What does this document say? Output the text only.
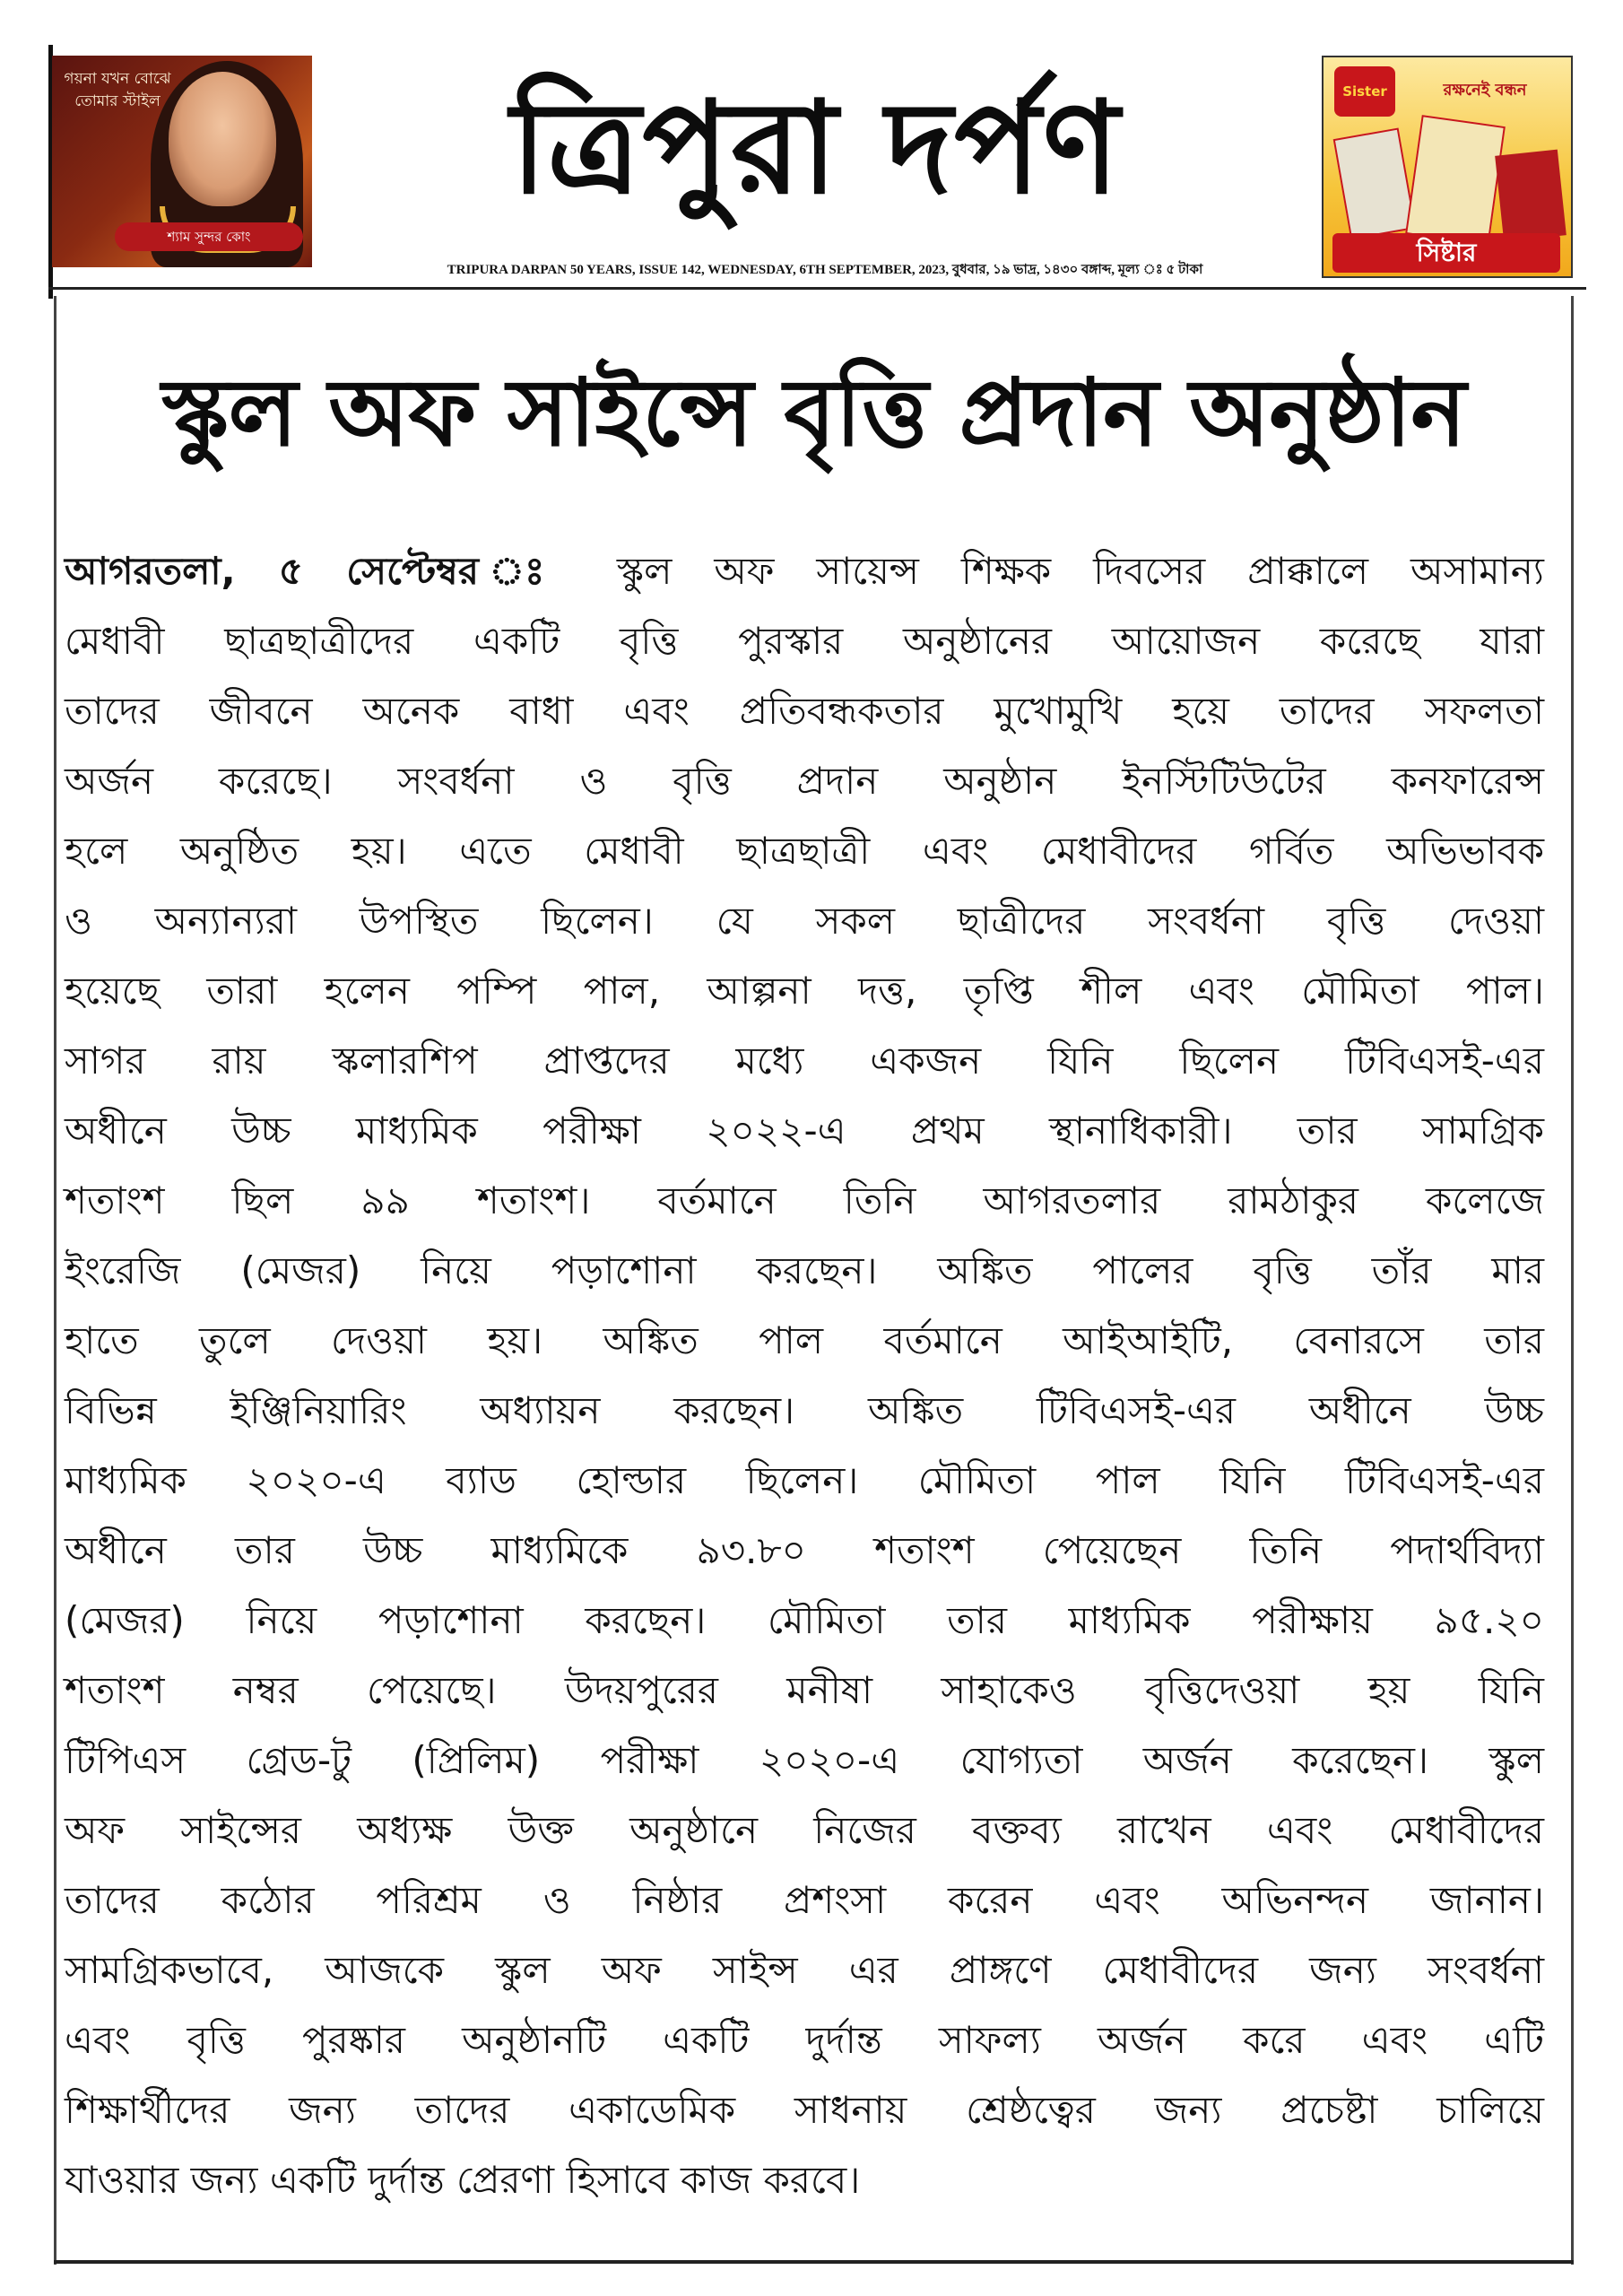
গয়না যখন বোঝে তোমার স্টাইল
শ্যাম সুন্দর কোং
ত্রিপুরা দর্পণ
TRIPURA DARPAN 50 YEARS, ISSUE 142, WEDNESDAY, 6TH SEPTEMBER, 2023, বুধবার, ১৯ ভাদ্র, ১৪৩০ বঙ্গাব্দ, মূল্য ঃ ৫ টাকা
Sister	রক্ষনেই বন্ধন
সিষ্টার
স্কুল অফ সাইন্সে বৃত্তি প্রদান অনুষ্ঠান
আগরতলা, ৫ সেপ্টেম্বর ঃ স্কুল অফ সায়েন্স শিক্ষক দিবসের প্রাক্কালে অসামান্য
মেধাবী ছাত্রছাত্রীদের একটি বৃত্তি পুরস্কার অনুষ্ঠানের আয়োজন করেছে যারা
তাদের জীবনে অনেক বাধা এবং প্রতিবন্ধকতার মুখোমুখি হয়ে তাদের সফলতা
অর্জন করেছে। সংবর্ধনা ও বৃত্তি প্রদান অনুষ্ঠান ইনস্টিটিউটের কনফারেন্স
হলে অনুষ্ঠিত হয়। এতে মেধাবী ছাত্রছাত্রী এবং মেধাবীদের গর্বিত অভিভাবক
ও অন্যান্যরা উপস্থিত ছিলেন। যে সকল ছাত্রীদের সংবর্ধনা বৃত্তি দেওয়া
হয়েছে তারা হলেন পম্পি পাল, আল্পনা দত্ত, তৃপ্তি শীল এবং মৌমিতা পাল।
সাগর রায় স্কলারশিপ প্রাপ্তদের মধ্যে একজন যিনি ছিলেন টিবিএসই-এর
অধীনে উচ্চ মাধ্যমিক পরীক্ষা ২০২২-এ প্রথম স্থানাধিকারী। তার সামগ্রিক
শতাংশ ছিল ৯৯ শতাংশ। বর্তমানে তিনি আগরতলার রামঠাকুর কলেজে
ইংরেজি (মেজর) নিয়ে পড়াশোনা করছেন। অঙ্কিত পালের বৃত্তি তাঁর মার
হাতে তুলে দেওয়া হয়। অঙ্কিত পাল বর্তমানে আইআইটি, বেনারসে তার
বিভিন্ন ইঞ্জিনিয়ারিং অধ্যায়ন করছেন। অঙ্কিত টিবিএসই-এর অধীনে উচ্চ
মাধ্যমিক ২০২০-এ ব্যাড হোল্ডার ছিলেন। মৌমিতা পাল যিনি টিবিএসই-এর
অধীনে তার উচ্চ মাধ্যমিকে ৯৩.৮০ শতাংশ পেয়েছেন তিনি পদার্থবিদ্যা
(মেজর) নিয়ে পড়াশোনা করছেন। মৌমিতা তার মাধ্যমিক পরীক্ষায় ৯৫.২০
শতাংশ নম্বর পেয়েছে। উদয়পুরের মনীষা সাহাকেও বৃত্তিদেওয়া হয় যিনি
টিপিএস গ্রেড-টু (প্রিলিম) পরীক্ষা ২০২০-এ যোগ্যতা অর্জন করেছেন। স্কুল
অফ সাইন্সের অধ্যক্ষ উক্ত অনুষ্ঠানে নিজের বক্তব্য রাখেন এবং মেধাবীদের
তাদের কঠোর পরিশ্রম ও নিষ্ঠার প্রশংসা করেন এবং অভিনন্দন জানান।
সামগ্রিকভাবে, আজকে স্কুল অফ সাইন্স এর প্রাঙ্গণে মেধাবীদের জন্য সংবর্ধনা
এবং বৃত্তি পুরষ্কার অনুষ্ঠানটি একটি দুর্দান্ত সাফল্য অর্জন করে এবং এটি
শিক্ষার্থীদের জন্য তাদের একাডেমিক সাধনায় শ্রেষ্ঠত্বের জন্য প্রচেষ্টা চালিয়ে
যাওয়ার জন্য একটি দুর্দান্ত প্রেরণা হিসাবে কাজ করবে।
